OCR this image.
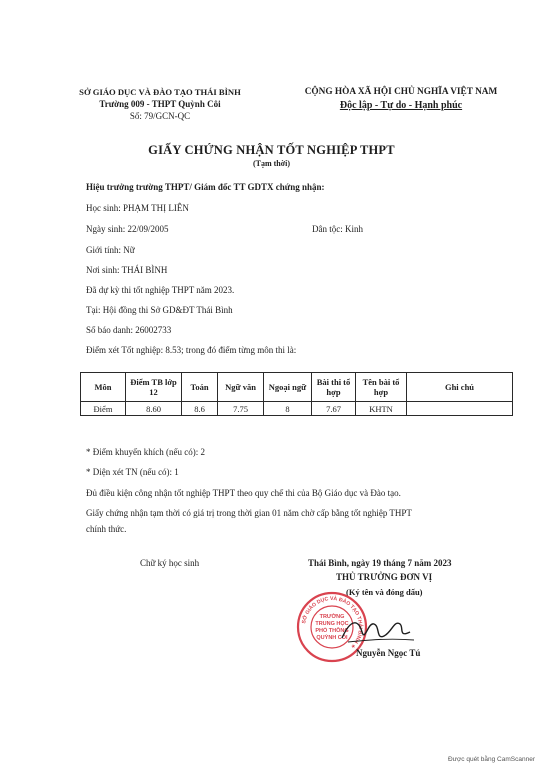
SỞ GIÁO DỤC VÀ ĐÀO TẠO THÁI BÌNH
Trường 009 - THPT Quỳnh Côi
Số: 79/GCN-QC
CỘNG HÒA XÃ HỘI CHỦ NGHĨA VIỆT NAM
Độc lập - Tự do - Hạnh phúc
GIẤY CHỨNG NHẬN TỐT NGHIỆP THPT
(Tạm thời)
Hiệu trưởng trường THPT/ Giám đốc TT GDTX chứng nhận:
Học sinh: PHẠM THỊ LIÊN
Ngày sinh: 22/09/2005	Dân tộc: Kinh
Giới tính: Nữ
Nơi sinh: THÁI BÌNH
Đã dự kỳ thi tốt nghiệp THPT năm 2023.
Tại: Hội đồng thi Sở GD&ĐT Thái Bình
Số báo danh: 26002733
Điểm xét Tốt nghiệp: 8.53; trong đó điểm từng môn thi là:
Môn	Điểm TB lớp 12	Toán	Ngữ văn	Ngoại ngữ	Bài thi tổ hợp	Tên bài tổ hợp	Ghi chú
Điểm	8.60	8.6	7.75	8	7.67	KHTN	
* Điểm khuyến khích (nếu có): 2
* Diện xét TN (nếu có): 1
Đủ điều kiện công nhận tốt nghiệp THPT theo quy chế thi của Bộ Giáo dục và Đào tạo.
Giấy chứng nhận tạm thời có giá trị trong thời gian 01 năm chờ cấp bằng tốt nghiệp THPT
chính thức.
Chữ ký học sinh	Thái Bình, ngày 19 tháng 7 năm 2023
THỦ TRƯỞNG ĐƠN VỊ
(Ký tên và đóng dấu)
SỞ GIÁO DỤC VÀ ĐÀO TẠO THÁI BÌNH ★
TRƯỜNG
TRUNG HỌC
PHỔ THÔNG
QUỲNH CÔI
Nguyễn Ngọc Tú
Được quét bằng CamScanner
